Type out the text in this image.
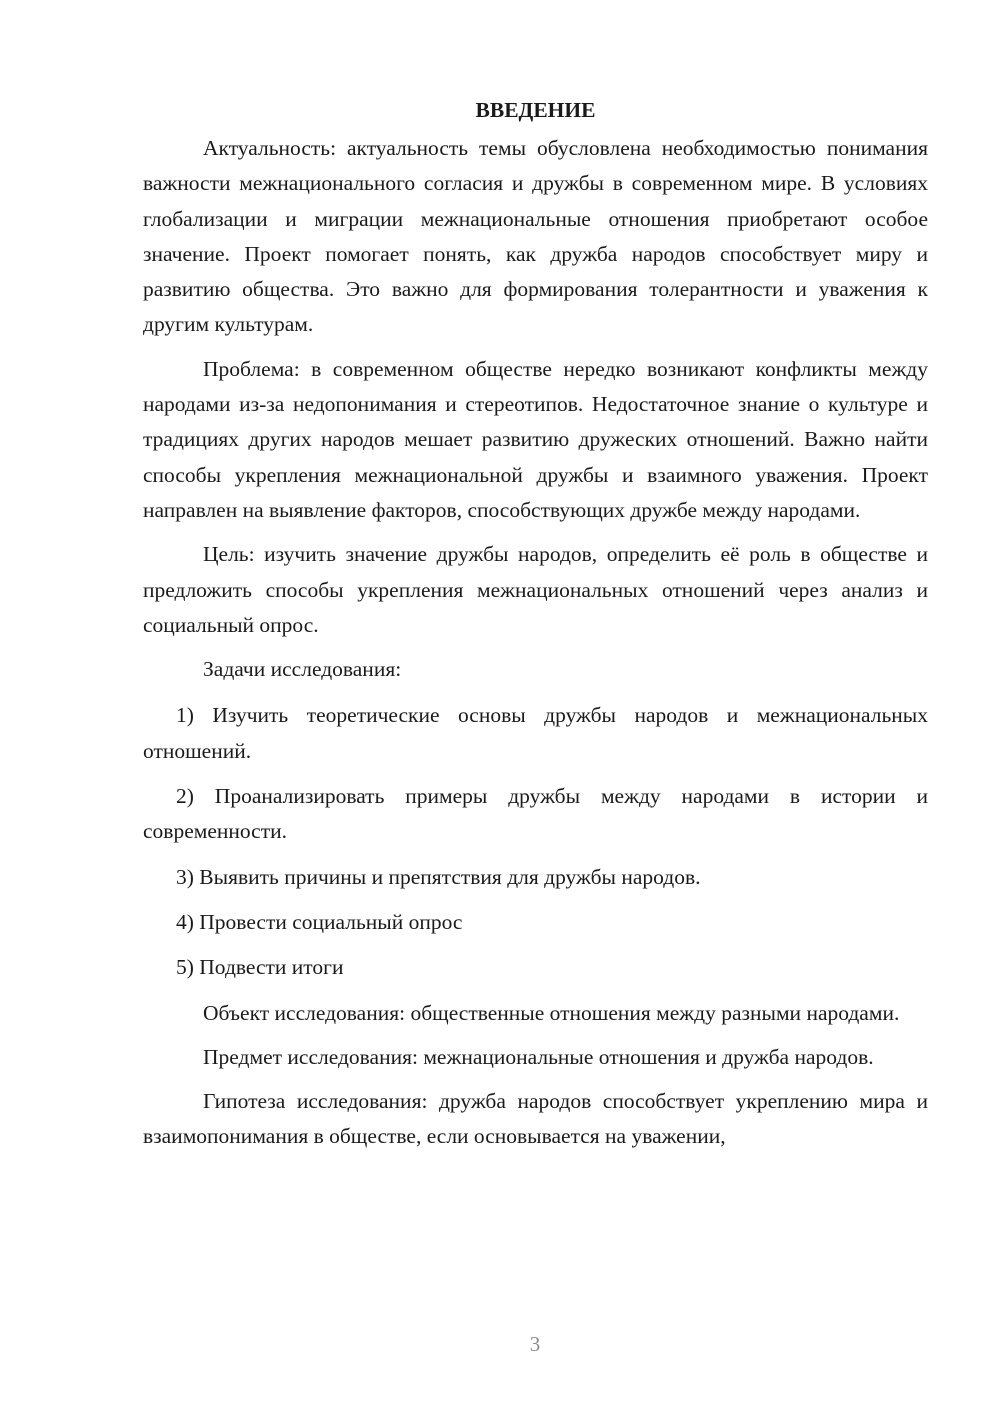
ВВЕДЕНИЕ

Актуальность: актуальность темы обусловлена необходимостью понимания важности межнационального согласия и дружбы в современном мире. В условиях глобализации и миграции межнациональные отношения приобретают особое значение. Проект помогает понять, как дружба народов способствует миру и развитию общества. Это важно для формирования толерантности и уважения к другим культурам.

Проблема: в современном обществе нередко возникают конфликты между народами из-за недопонимания и стереотипов. Недостаточное знание о культуре и традициях других народов мешает развитию дружеских отношений. Важно найти способы укрепления межнациональной дружбы и взаимного уважения. Проект направлен на выявление факторов, способствующих дружбе между народами.

Цель: изучить значение дружбы народов, определить её роль в обществе и предложить способы укрепления межнациональных отношений через анализ и социальный опрос.

Задачи исследования:

1) Изучить теоретические основы дружбы народов и межнациональных отношений.

2) Проанализировать примеры дружбы между народами в истории и современности.

3) Выявить причины и препятствия для дружбы народов.

4) Провести социальный опрос

5) Подвести итоги

Объект исследования: общественные отношения между разными народами.

Предмет исследования: межнациональные отношения и дружба народов.

Гипотеза исследования: дружба народов способствует укреплению мира и взаимопонимания в обществе, если основывается на уважении,

3
